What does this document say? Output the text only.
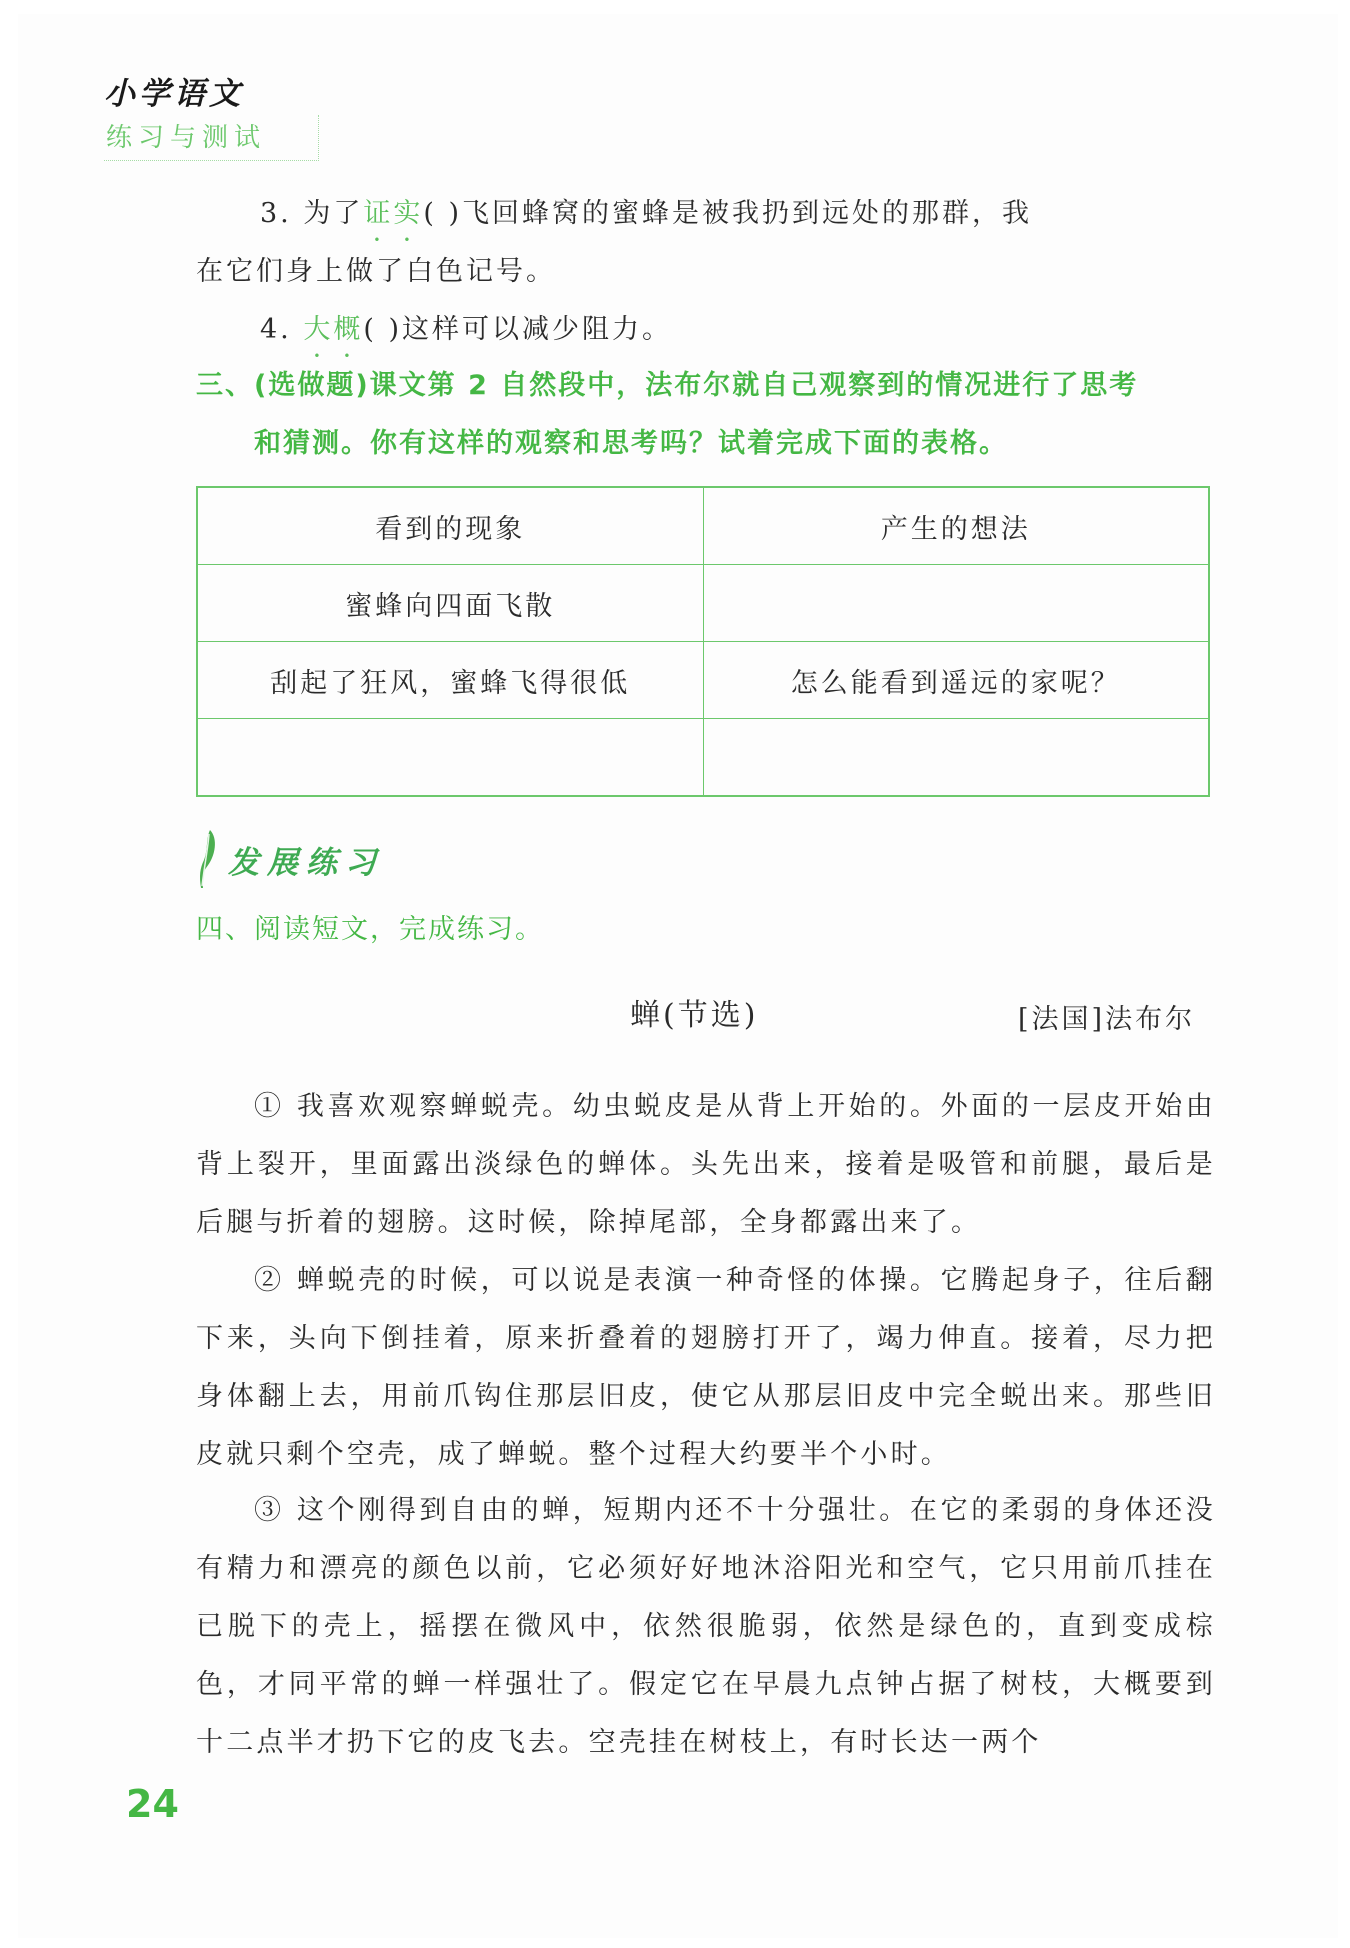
小学语文
练习与测试
3. 为了证实
• •
( )飞回蜂窝的蜜蜂是被我扔到远处的那群，我
在它们身上做了白色记号。
4. 大概
• •
( )这样可以减少阻力。
三、(选做题)课文第 2 自然段中，法布尔就自己观察到的情况进行了思考
和猜测。你有这样的观察和思考吗？试着完成下面的表格。
看到的现象	产生的想法
蜜蜂向四面飞散	
刮起了狂风，蜜蜂飞得很低	怎么能看到遥远的家呢？

发展练习
四、阅读短文，完成练习。
蝉(节选)	[法国]法布尔
① 我喜欢观察蝉蜕壳。幼虫蜕皮是从背上开始的。外面的一层皮开始由背上裂开，里面露出淡绿色的蝉体。头先出来，接着是吸管和前腿，最后是后腿与折着的翅膀。这时候，除掉尾部，全身都露出来了。
② 蝉蜕壳的时候，可以说是表演一种奇怪的体操。它腾起身子，往后翻下来，头向下倒挂着，原来折叠着的翅膀打开了，竭力伸直。接着，尽力把身体翻上去，用前爪钩住那层旧皮，使它从那层旧皮中完全蜕出来。那些旧皮就只剩个空壳，成了蝉蜕。整个过程大约要半个小时。
③ 这个刚得到自由的蝉，短期内还不十分强壮。在它的柔弱的身体还没有精力和漂亮的颜色以前，它必须好好地沐浴阳光和空气，它只用前爪挂在已脱下的壳上，摇摆在微风中，依然很脆弱，依然是绿色的，直到变成棕色，才同平常的蝉一样强壮了。假定它在早晨九点钟占据了树枝，大概要到十二点半才扔下它的皮飞去。空壳挂在树枝上，有时长达一两个
24
